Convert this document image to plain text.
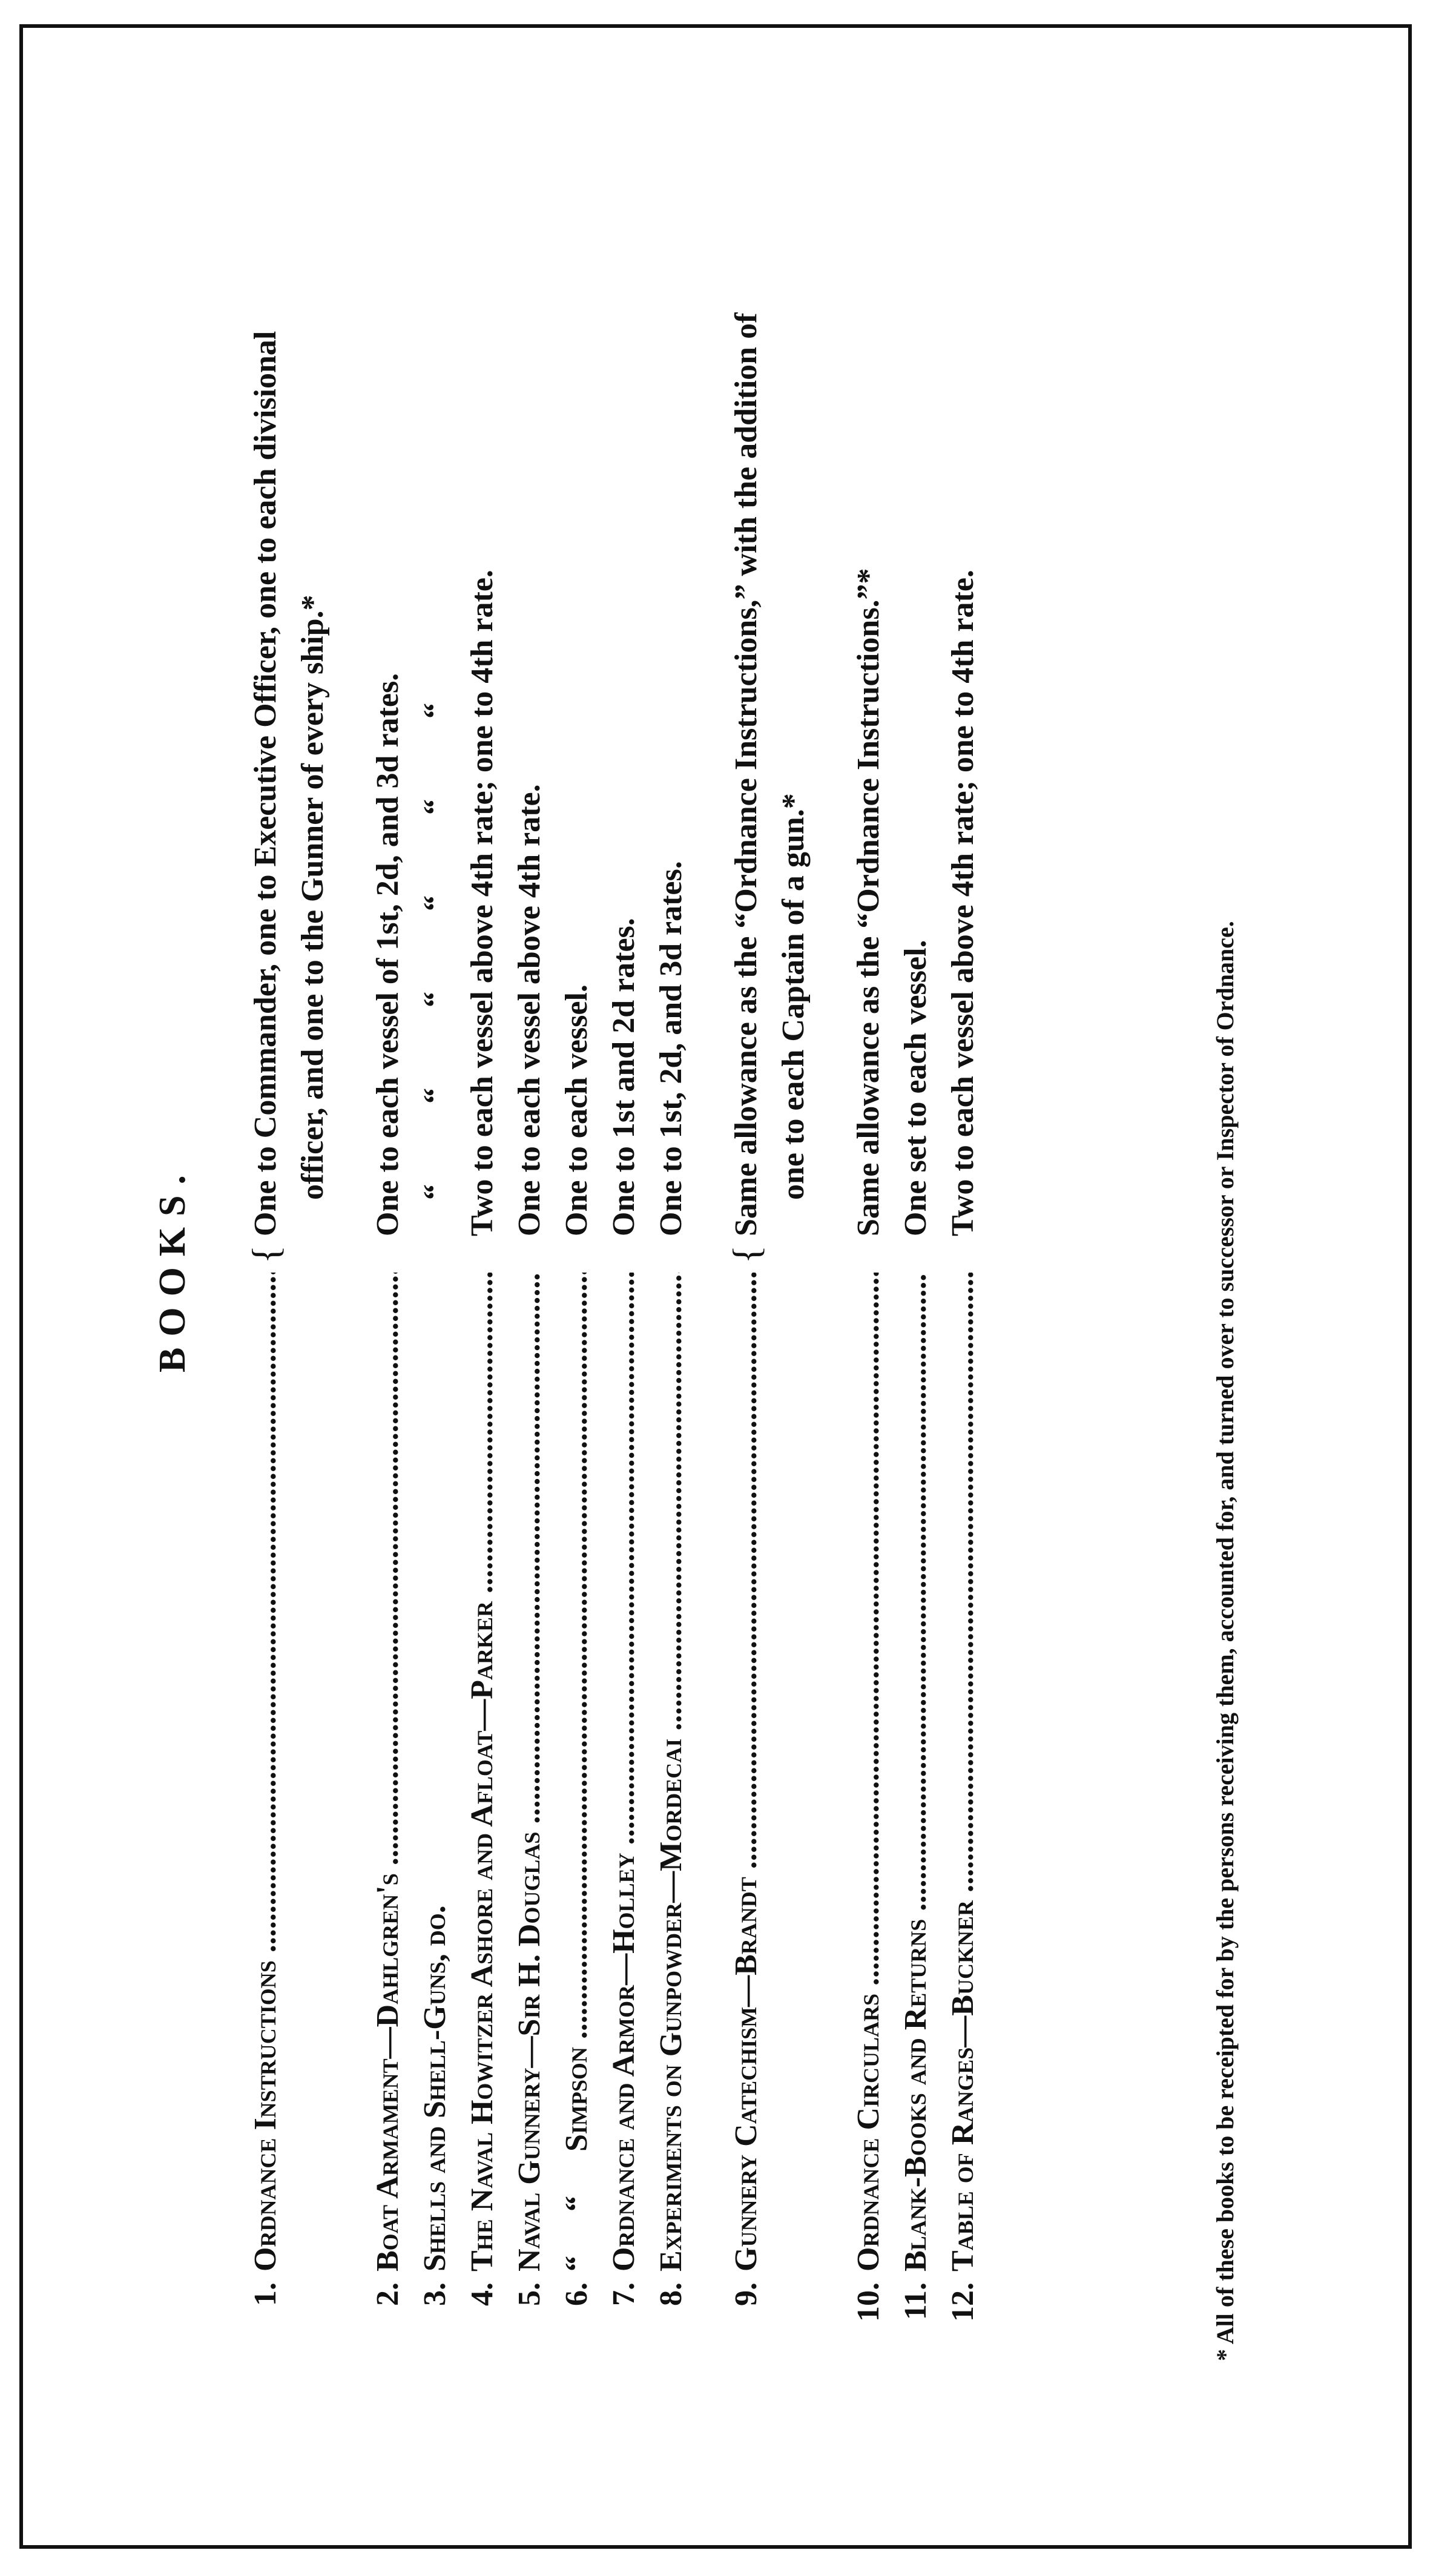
BOOKS.
1.
Ordnance Instructions .....
{
One to Commander, one to Executive Officer, one to each divisional officer, and one to the Gunner of every ship.*
2.
Boat Armament—Dahlgren's .....
One to each vessel of 1st, 2d, and 3d rates.
3.
Shells and Shell-Guns, do.
“ “ “ “ “ “
4.
The Naval Howitzer Ashore and Afloat—Parker .....
Two to each vessel above 4th rate; one to 4th rate.
5.
Naval Gunnery—Sir H. Douglas .....
One to each vessel above 4th rate.
6.
“ “ Simpson .....
One to each vessel.
7.
Ordnance and Armor—Holley .....
One to 1st and 2d rates.
8.
Experiments on Gunpowder—Mordecai .....
One to 1st, 2d, and 3d rates.
9.
Gunnery Catechism—Brandt .....
{
Same allowance as the “Ordnance Instructions,” with the addition of one to each Captain of a gun.*
10.
Ordnance Circulars .....
Same allowance as the “Ordnance Instructions.”*
11.
Blank-Books and Returns .....
One set to each vessel.
12.
Table of Ranges—Buckner .....
Two to each vessel above 4th rate; one to 4th rate.
* All of these books to be receipted for by the persons receiving them, accounted for, and turned over to successor or Inspector of Ordnance.
